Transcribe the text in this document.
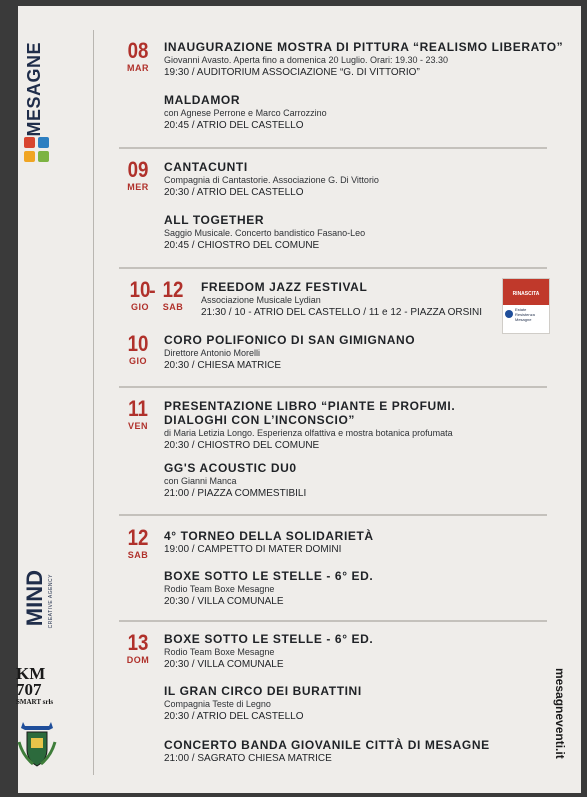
MESAGNE
MIND CREATIVE AGENCY
KM
707
SMART srls	mesagneventi.it
08
MAR
09
MER
10
GIO
- 12
SAB
10
GIO
11
VEN
12
SAB
13
DOM
INAUGURAZIONE MOSTRA DI PITTURA “REALISMO LIBERATO”
Giovanni Avasto. Aperta fino a domenica 20 Luglio. Orari: 19.30 - 23.30
19:30 / AUDITORIUM ASSOCIAZIONE “G. DI VITTORIO”
MALDAMOR
con Agnese Perrone e Marco Carrozzino
20:45 / ATRIO DEL CASTELLO
CANTACUNTI
Compagnia di Cantastorie. Associazione G. Di Vittorio
20:30 / ATRIO DEL CASTELLO
ALL TOGETHER
Saggio Musicale. Concerto bandistico Fasano-Leo
20:45 / CHIOSTRO DEL COMUNE
FREEDOM JAZZ FESTIVAL
Associazione Musicale Lydian
21:30 / 10 - ATRIO DEL CASTELLO / 11 e 12 - PIAZZA ORSINI
RINASCITA
Estate Resistenza Mesagne
CORO POLIFONICO DI SAN GIMIGNANO
Direttore Antonio Morelli
20:30 / CHIESA MATRICE
PRESENTAZIONE LIBRO “PIANTE E PROFUMI.
DIALOGHI CON L’INCONSCIO”
di Maria Letizia Longo. Esperienza olfattiva e mostra botanica profumata
20:30 / CHIOSTRO DEL COMUNE
GG'S ACOUSTIC DU0
con Gianni Manca
21:00 / PIAZZA COMMESTIBILI
4° TORNEO DELLA SOLIDARIETÀ
19:00 / CAMPETTO DI MATER DOMINI
BOXE SOTTO LE STELLE - 6° ED.
Rodio Team Boxe Mesagne
20:30 / VILLA COMUNALE
BOXE SOTTO LE STELLE - 6° ED.
Rodio Team Boxe Mesagne
20:30 / VILLA COMUNALE
IL GRAN CIRCO DEI BURATTINI
Compagnia Teste di Legno
20:30 / ATRIO DEL CASTELLO
CONCERTO BANDA GIOVANILE CITTÀ DI MESAGNE
21:00 / SAGRATO CHIESA MATRICE
